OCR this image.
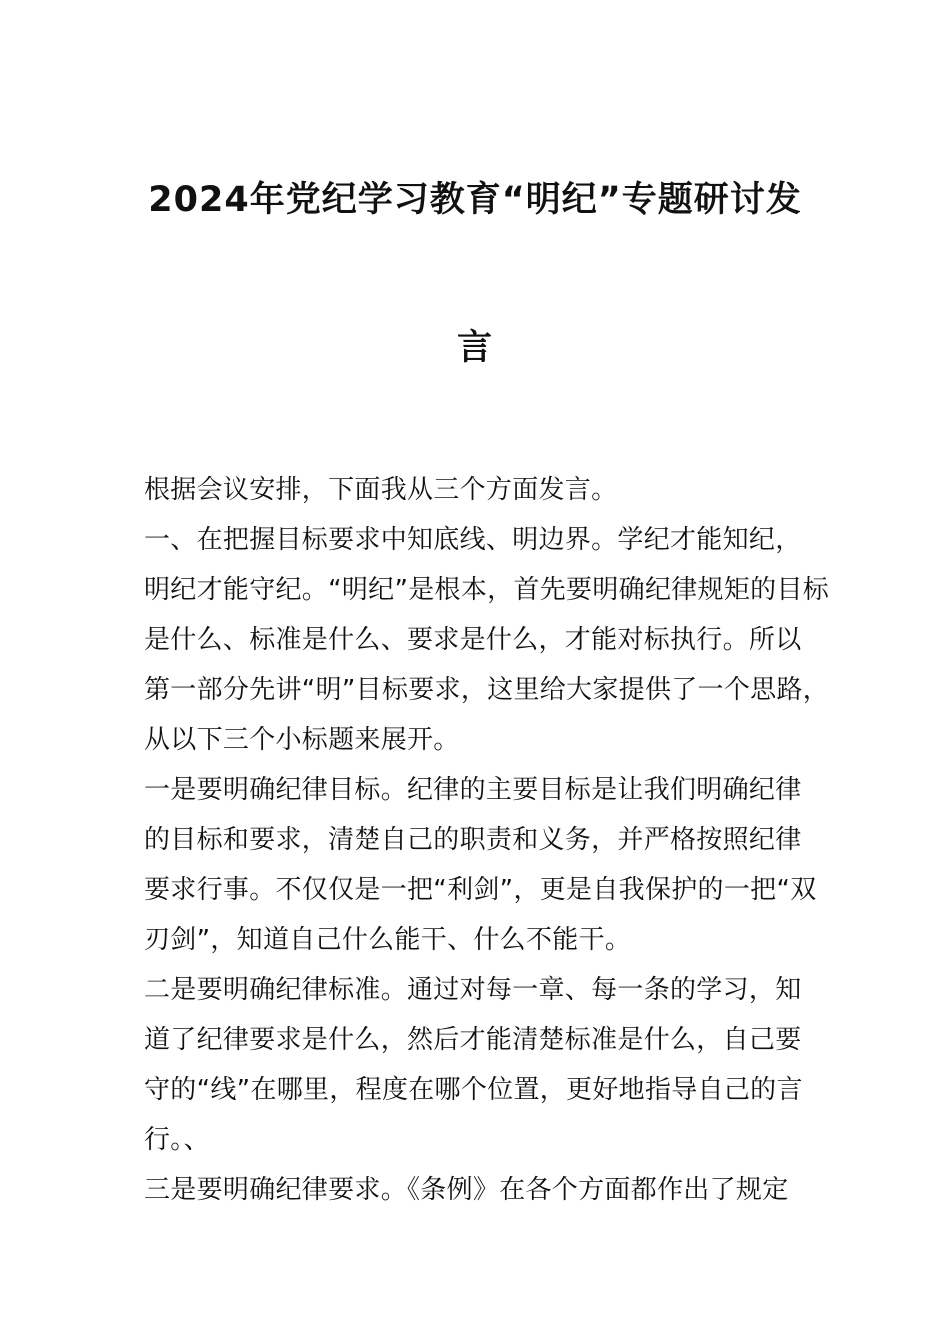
2024年党纪学习教育“明纪”专题研讨发
言
根据会议安排，下面我从三个方面发言。
一、在把握目标要求中知底线、明边界。学纪才能知纪，
明纪才能守纪。“明纪”是根本，首先要明确纪律规矩的目标
是什么、标准是什么、要求是什么，才能对标执行。所以
第一部分先讲“明”目标要求，这里给大家提供了一个思路，
从以下三个小标题来展开。
一是要明确纪律目标。纪律的主要目标是让我们明确纪律
的目标和要求，清楚自己的职责和义务，并严格按照纪律
要求行事。不仅仅是一把“利剑”，更是自我保护的一把“双
刃剑”，知道自己什么能干、什么不能干。
二是要明确纪律标准。通过对每一章、每一条的学习，知
道了纪律要求是什么，然后才能清楚标准是什么，自己要
守的“线”在哪里，程度在哪个位置，更好地指导自己的言
行。、
三是要明确纪律要求。《条例》在各个方面都作出了规定
